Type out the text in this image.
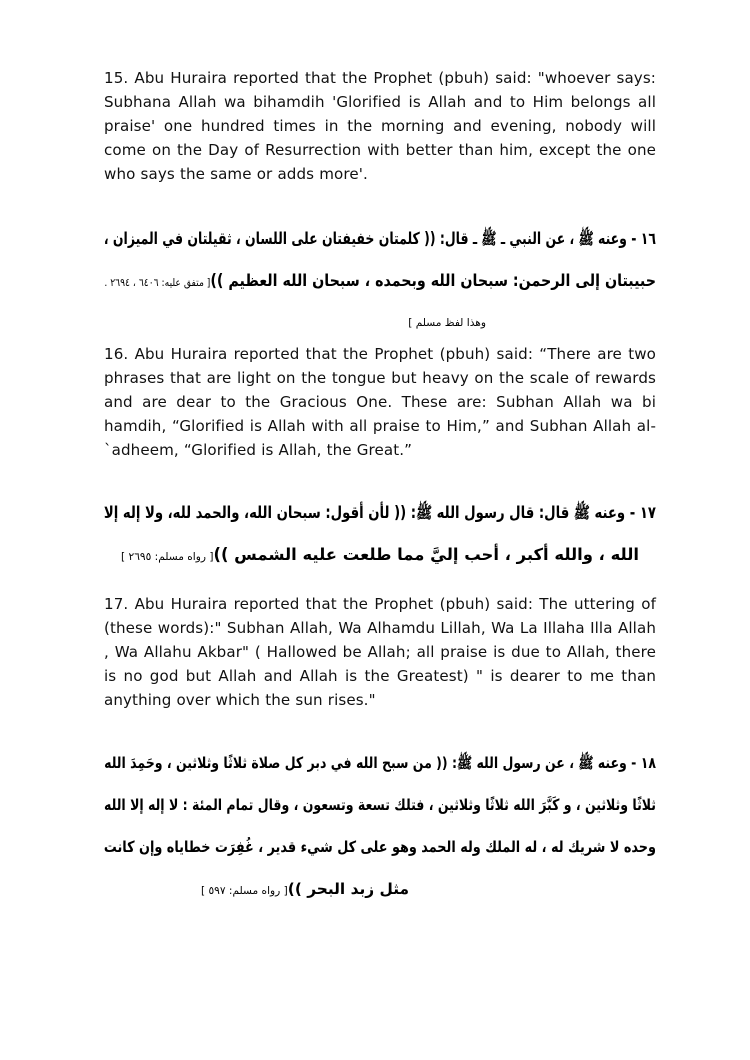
15. Abu Huraira reported that the Prophet (pbuh) said: "whoever says: Subhana Allah wa bihamdih 'Glorified is Allah and to Him belongs all praise' one hundred times in the morning and evening, nobody will come on the Day of Resurrection with better than him, except the one who says the same or adds more'.

١٦ - وعنه ﷺ ، عن النبي ـ ﷺ ـ قال: (( كلمتان خفيفتان على اللسان ، ثقيلتان في الميزان ،
حبيبتان إلى الرحمن: سبحان الله وبحمده ، سبحان الله العظيم ))[ متفق عليه: ٦٤٠٦ ، ٢٦٩٤ .
وهذا لفظ مسلم ]

16. Abu Huraira reported that the Prophet (pbuh) said: “There are two phrases that are light on the tongue but heavy on the scale of rewards and are dear to the Gracious One. These are: Subhan Allah wa bi hamdih, “Glorified is Allah with all praise to Him,” and Subhan Allah al-`adheem, “Glorified is Allah, the Great.”

١٧ - وعنه ﷺ قال: قال رسول الله ﷺ: (( لأن أقول: سبحان الله، والحمد لله، ولا إله إلا
الله ، والله أكبر ، أحب إليَّ مما طلعت عليه الشمس ))[ رواه مسلم: ٢٦٩٥ ]

17. Abu Huraira reported that the Prophet (pbuh) said: The uttering of (these words):" Subhan Allah, Wa Alhamdu Lillah, Wa La Illaha Illa Allah , Wa Allahu Akbar" ( Hallowed be Allah; all praise is due to Allah, there is no god but Allah and Allah is the Greatest) " is dearer to me than anything over which the sun rises."

١٨ - وعنه ﷺ ، عن رسول الله ﷺ: (( من سبح الله في دبر كل صلاة ثلاثًا وثلاثين ، وحَمِدَ الله
ثلاثًا وثلاثين ، و كَبَّرَ الله ثلاثًا وثلاثين ، فتلك تسعة وتسعون ، وقال تمام المئة : لا إله إلا الله
وحده لا شريك له ، له الملك وله الحمد وهو على كل شيء قدير ، غُفِرَت خطاياه وإن كانت
مثل زبد البحر ))[ رواه مسلم: ٥٩٧ ]
